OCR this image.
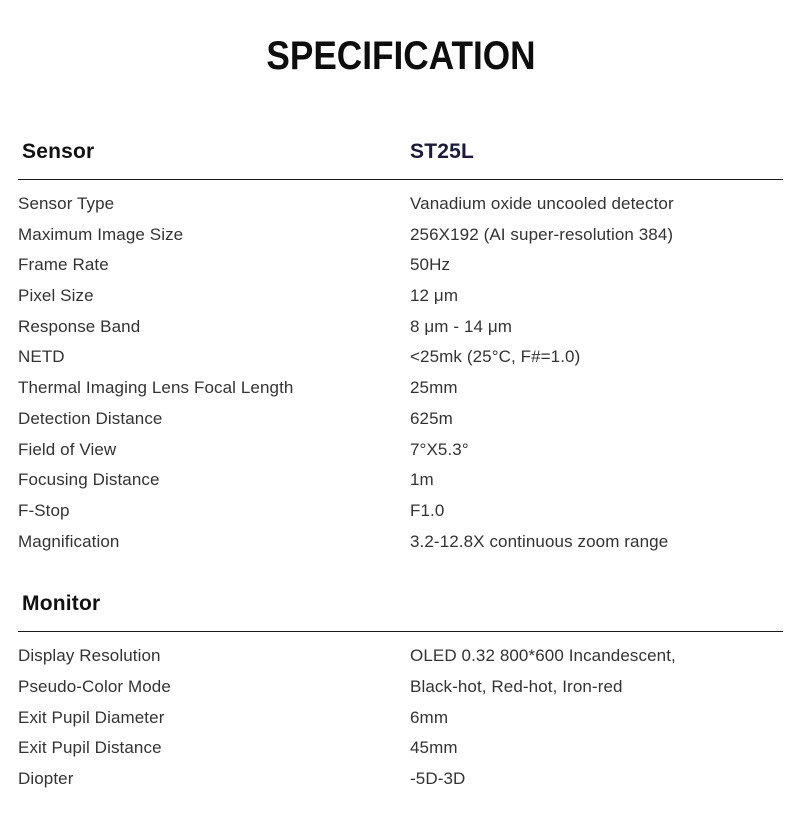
SPECIFICATION
Sensor	ST25L
Sensor Type	Vanadium oxide uncooled detector
Maximum Image Size	256X192 (AI super-resolution 384)
Frame Rate	50Hz
Pixel Size	12 μm
Response Band	8 μm - 14 μm
NETD	<25mk (25°C, F#=1.0)
Thermal Imaging Lens Focal Length	25mm
Detection Distance	625m
Field of View	7°X5.3°
Focusing Distance	1m
F-Stop	F1.0
Magnification	3.2-12.8X continuous zoom range
Monitor
Display Resolution	OLED 0.32 800*600 Incandescent,
Pseudo-Color Mode	Black-hot, Red-hot, Iron-red
Exit Pupil Diameter	6mm
Exit Pupil Distance	45mm
Diopter	-5D-3D
